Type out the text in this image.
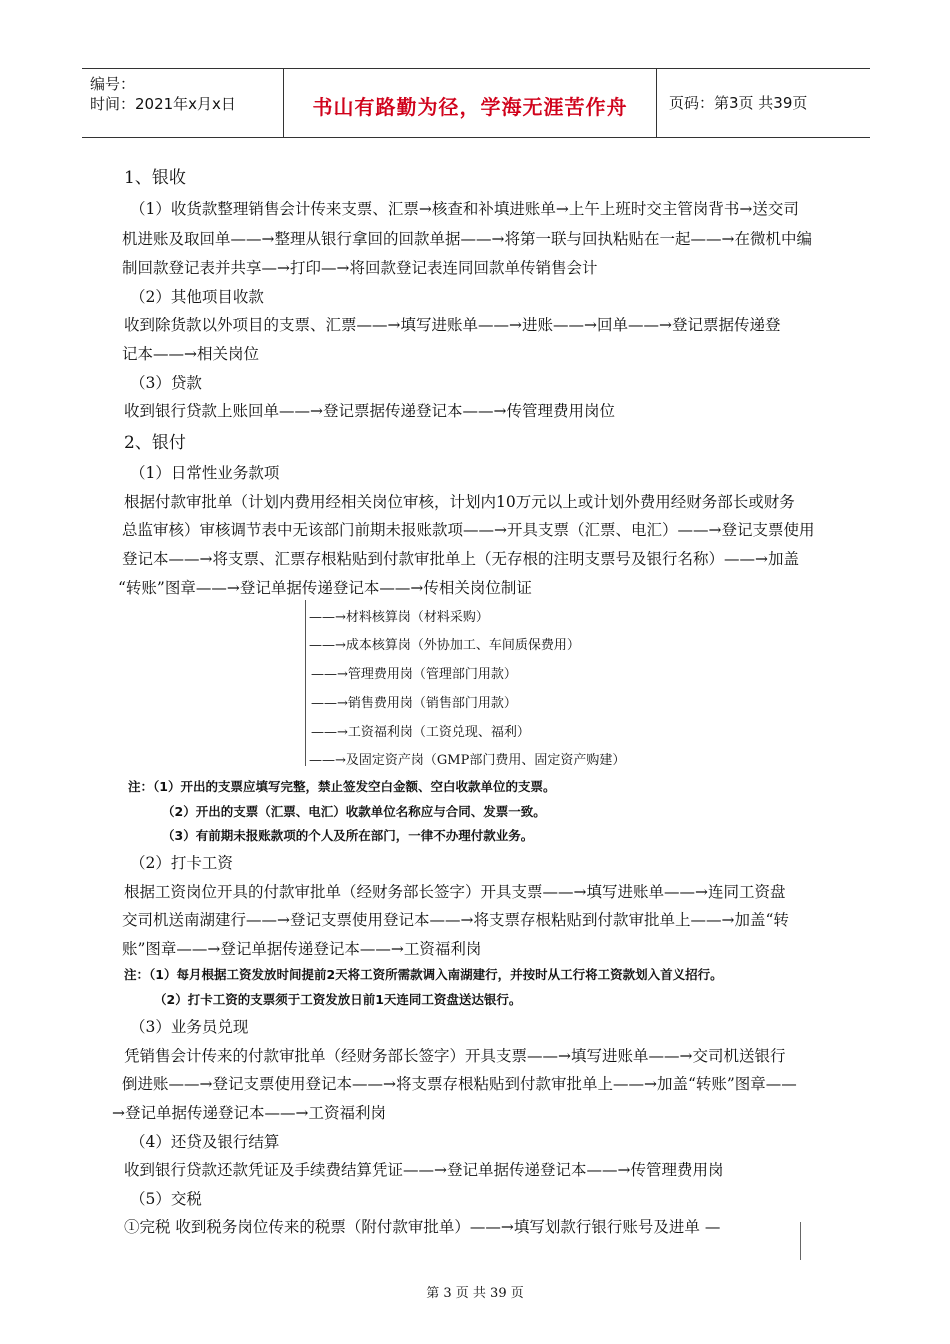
编号：
时间：2021年x月x日	书山有路勤为径，学海无涯苦作舟	页码：第3页 共39页
1、银收
（1）收货款整理销售会计传来支票、汇票→核查和补填进账单→上午上班时交主管岗背书→送交司
机进账及取回单——→整理从银行拿回的回款单据——→将第一联与回执粘贴在一起——→在微机中编
制回款登记表并共享—→打印—→将回款登记表连同回款单传销售会计
（2）其他项目收款
收到除货款以外项目的支票、汇票——→填写进账单——→进账——→回单——→登记票据传递登
记本——→相关岗位
（3）贷款
收到银行贷款上账回单——→登记票据传递登记本——→传管理费用岗位
2、银付
（1）日常性业务款项
根据付款审批单（计划内费用经相关岗位审核，计划内10万元以上或计划外费用经财务部长或财务
总监审核）审核调节表中无该部门前期未报账款项——→开具支票（汇票、电汇）——→登记支票使用
登记本——→将支票、汇票存根粘贴到付款审批单上（无存根的注明支票号及银行名称）——→加盖
“转账”图章——→登记单据传递登记本——→传相关岗位制证
——→材料核算岗（材料采购）
——→成本核算岗（外协加工、车间质保费用）
——→管理费用岗（管理部门用款）
——→销售费用岗（销售部门用款）
——→工资福利岗（工资兑现、福利）
——→及固定资产岗（GMP部门费用、固定资产购建）
注：（1）开出的支票应填写完整，禁止签发空白金额、空白收款单位的支票。
（2）开出的支票（汇票、电汇）收款单位名称应与合同、发票一致。
（3）有前期未报账款项的个人及所在部门，一律不办理付款业务。
（2）打卡工资
根据工资岗位开具的付款审批单（经财务部长签字）开具支票——→填写进账单——→连同工资盘
交司机送南湖建行——→登记支票使用登记本——→将支票存根粘贴到付款审批单上——→加盖“转
账”图章——→登记单据传递登记本——→工资福利岗
注：（1）每月根据工资发放时间提前2天将工资所需款调入南湖建行，并按时从工行将工资款划入首义招行。
（2）打卡工资的支票须于工资发放日前1天连同工资盘送达银行。
（3）业务员兑现
凭销售会计传来的付款审批单（经财务部长签字）开具支票——→填写进账单——→交司机送银行
倒进账——→登记支票使用登记本——→将支票存根粘贴到付款审批单上——→加盖“转账”图章——
→登记单据传递登记本——→工资福利岗
（4）还贷及银行结算
收到银行贷款还款凭证及手续费结算凭证——→登记单据传递登记本——→传管理费用岗
（5）交税
①完税 收到税务岗位传来的税票（附付款审批单）——→填写划款行银行账号及进单 —
第 3 页 共 39 页
